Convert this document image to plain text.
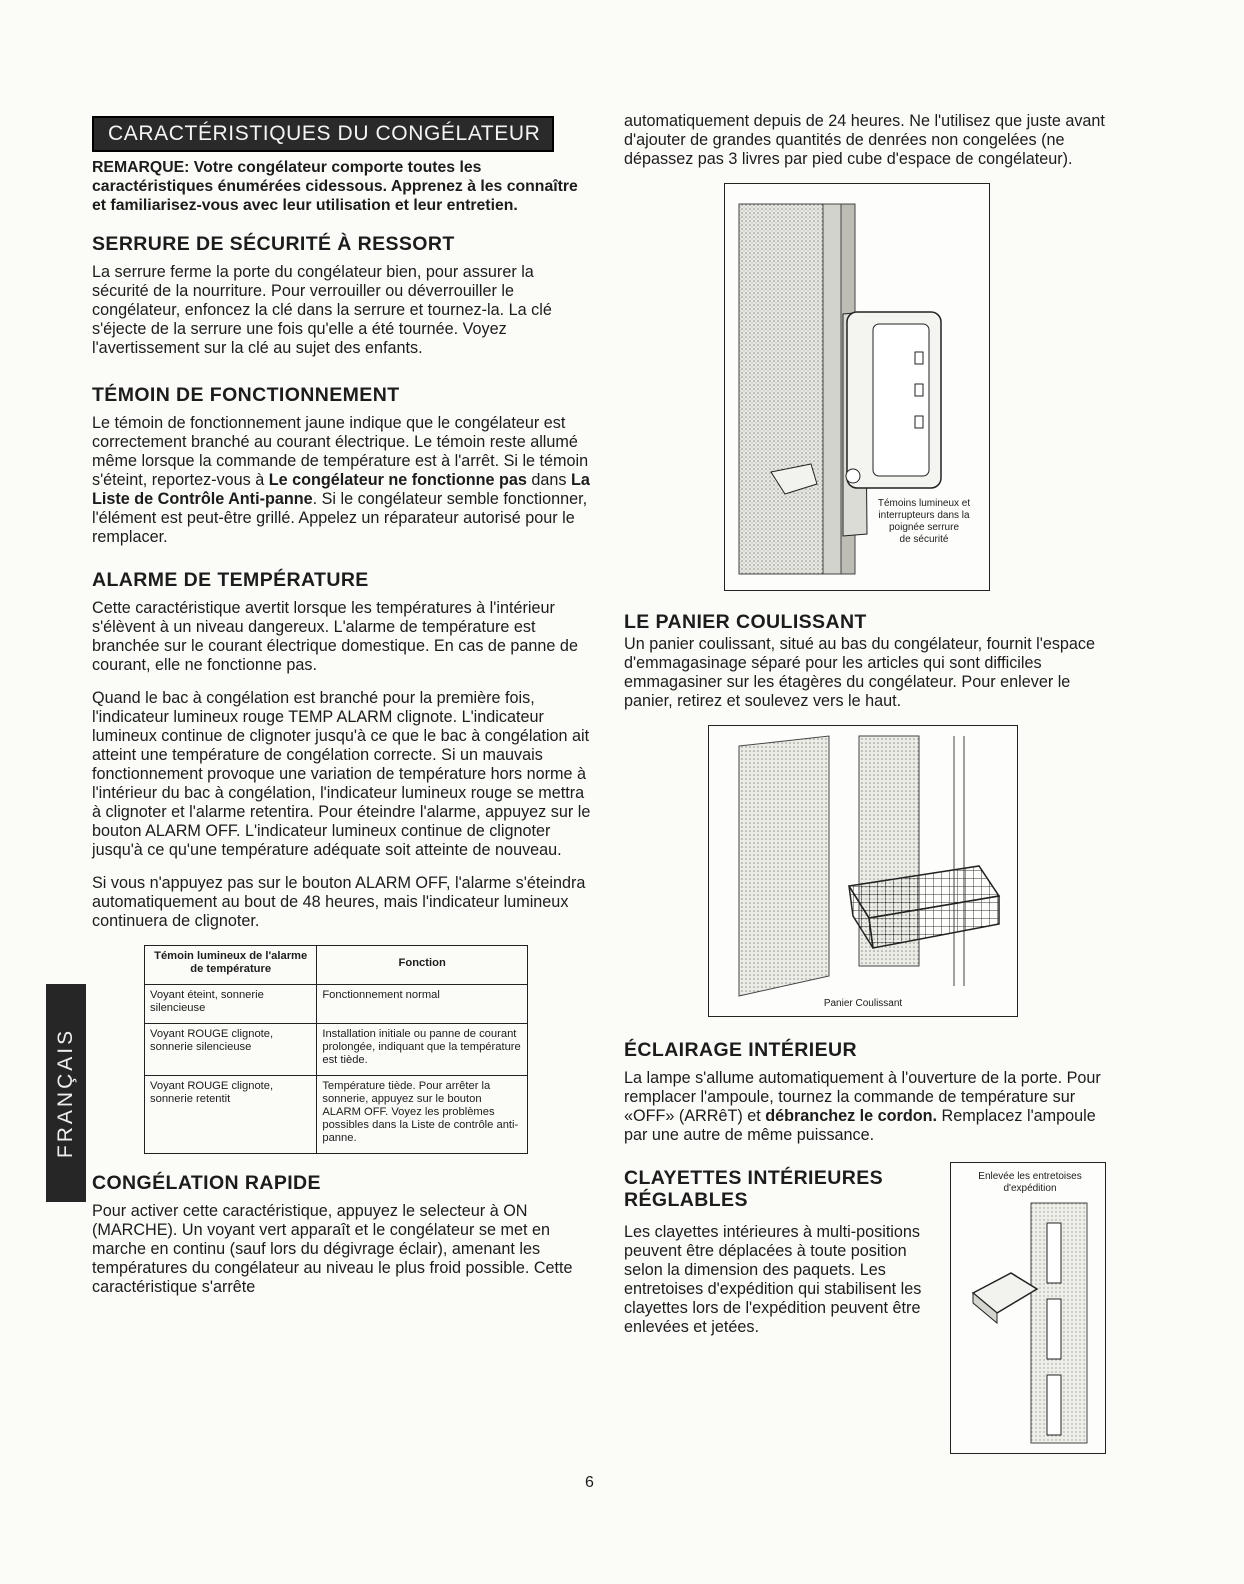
CARACTÉRISTIQUES DU CONGÉLATEUR

REMARQUE: Votre congélateur comporte toutes les caractéristiques énumérées cidessous. Apprenez à les connaître et familiarisez-vous avec leur utilisation et leur entretien.

SERRURE DE SÉCURITÉ À RESSORT

La serrure ferme la porte du congélateur bien, pour assurer la sécurité de la nourriture. Pour verrouiller ou déverrouiller le congélateur, enfoncez la clé dans la serrure et tournez-la. La clé s'éjecte de la serrure une fois qu'elle a été tournée. Voyez l'avertissement sur la clé au sujet des enfants.

TÉMOIN DE FONCTIONNEMENT

Le témoin de fonctionnement jaune indique que le congélateur est correctement branché au courant électrique. Le témoin reste allumé même lorsque la commande de température est à l'arrêt. Si le témoin s'éteint, reportez-vous à Le congélateur ne fonctionne pas dans La Liste de Contrôle Anti-panne. Si le congélateur semble fonctionner, l'élément est peut-être grillé. Appelez un réparateur autorisé pour le remplacer.

ALARME DE TEMPÉRATURE

Cette caractéristique avertit lorsque les températures à l'intérieur s'élèvent à un niveau dangereux. L'alarme de température est branchée sur le courant électrique domestique. En cas de panne de courant, elle ne fonctionne pas.

Quand le bac à congélation est branché pour la première fois, l'indicateur lumineux rouge TEMP ALARM clignote. L'indicateur lumineux continue de clignoter jusqu'à ce que le bac à congélation ait atteint une température de congélation correcte. Si un mauvais fonctionnement provoque une variation de température hors norme à l'intérieur du bac à congélation, l'indicateur lumineux rouge se mettra à clignoter et l'alarme retentira. Pour éteindre l'alarme, appuyez sur le bouton ALARM OFF. L'indicateur lumineux continue de clignoter jusqu'à ce qu'une température adéquate soit atteinte de nouveau.

Si vous n'appuyez pas sur le bouton ALARM OFF, l'alarme s'éteindra automatiquement au bout de 48 heures, mais l'indicateur lumineux continuera de clignoter.

Témoin lumineux de l'alarme de température	Fonction
Voyant éteint, sonnerie silencieuse	Fonctionnement normal
Voyant ROUGE clignote, sonnerie silencieuse	Installation initiale ou panne de courant prolongée, indiquant que la température est tiède.
Voyant ROUGE clignote, sonnerie retentit	Température tiède. Pour arrêter la sonnerie, appuyez sur le bouton ALARM OFF. Voyez les problèmes possibles dans la Liste de contrôle anti-panne.
CONGÉLATION RAPIDE

Pour activer cette caractéristique, appuyez le selecteur à ON (MARCHE). Un voyant vert apparaît et le congélateur se met en marche en continu (sauf lors du dégivrage éclair), amenant les températures du congélateur au niveau le plus froid possible. Cette caractéristique s'arrête

automatiquement depuis de 24 heures. Ne l'utilisez que juste avant d'ajouter de grandes quantités de denrées non congelées (ne dépassez pas 3 livres par pied cube d'espace de congélateur).

Témoins lumineux et
interrupteurs dans la
poignée serrure
de sécurité
LE PANIER COULISSANT

Un panier coulissant, situé au bas du congélateur, fournit l'espace d'emmagasinage séparé pour les articles qui sont difficiles emmagasiner sur les étagères du congélateur. Pour enlever le panier, retirez et soulevez vers le haut.

Panier Coulissant
ÉCLAIRAGE INTÉRIEUR
Enlevée les entretoises d'expédition

La lampe s'allume automatiquement à l'ouverture de la porte. Pour remplacer l'ampoule, tournez la commande de température sur «OFF» (ARRêT) et débranchez le cordon. Remplacez l'ampoule par une autre de même puissance.

CLAYETTES INTÉRIEURES RÉGLABLES

Les clayettes intérieures à multi-positions peuvent être déplacées à toute position selon la dimension des paquets. Les entretoises d'expédition qui stabilisent les clayettes lors de l'expédition peuvent être enlevées et jetées.

FRANÇAIS
6
